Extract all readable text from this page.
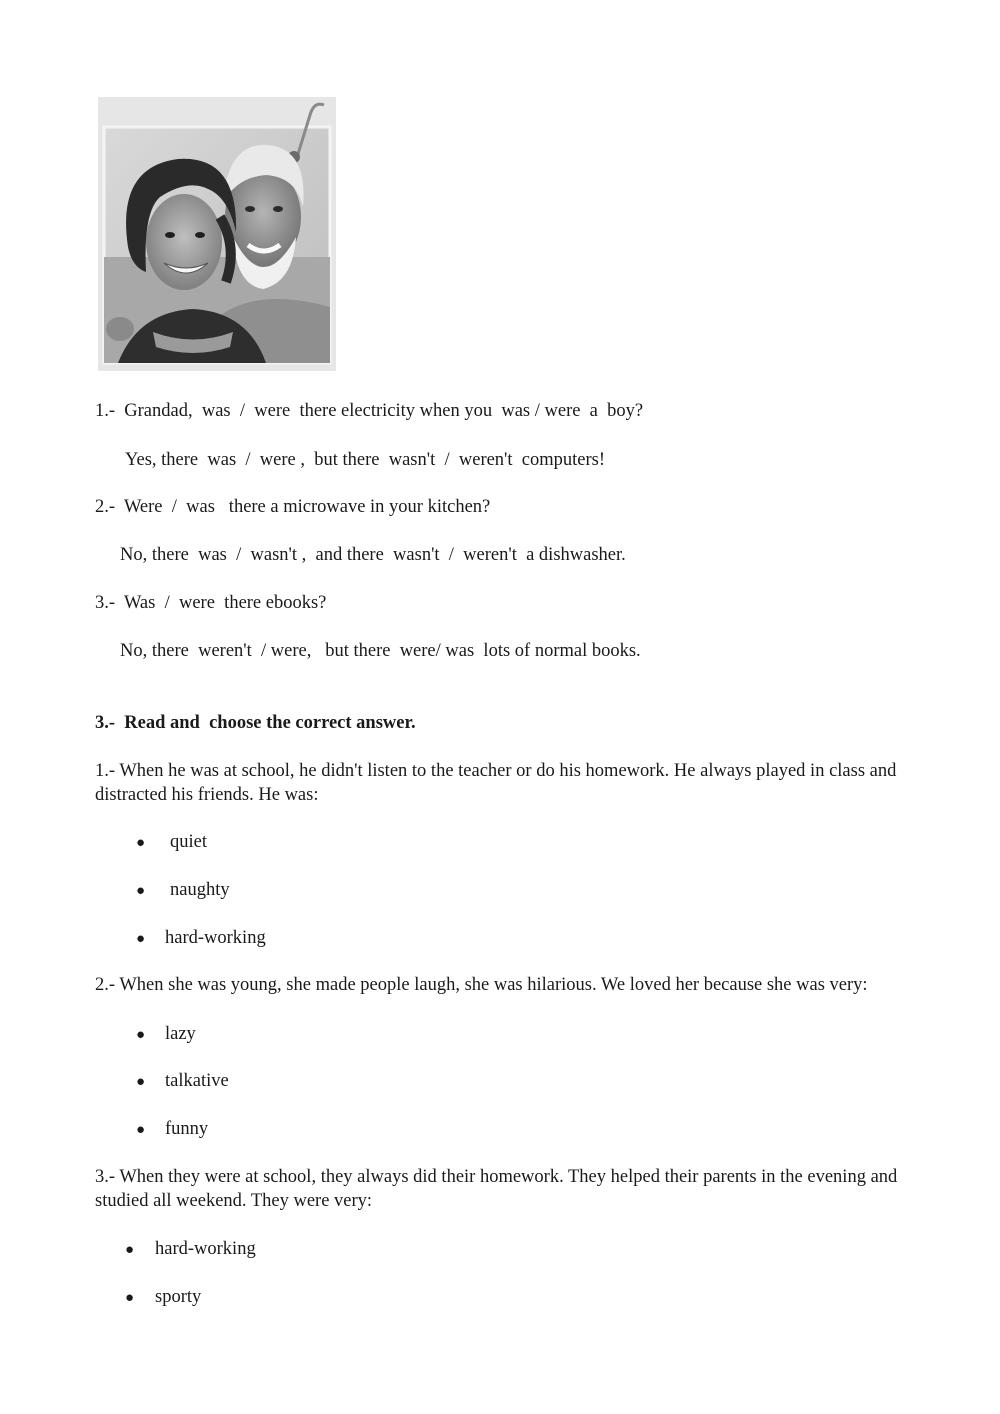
1.-  Grandad,  was  /  were  there electricity when you  was / were  a  boy?
Yes, there  was  /  were ,  but there  wasn't  /  weren't  computers!
2.-  Were  /  was   there a microwave in your kitchen?
No, there  was  /  wasn't ,  and there  wasn't  /  weren't  a dishwasher.
3.-  Was  /  were  there ebooks?
No, there  weren't  / were,   but there  were/ was  lots of normal books.
3.-  Read and  choose the correct answer.
1.- When he was at school, he didn't listen to the teacher or do his homework. He always played in class and distracted his friends. He was:
● quiet
● naughty
● hard-working
2.- When she was young, she made people laugh, she was hilarious. We loved her because she was very:
● lazy
● talkative
● funny
3.- When they were at school, they always did their homework. They helped their parents in the evening and studied all weekend. They were very:
● hard-working
● sporty
